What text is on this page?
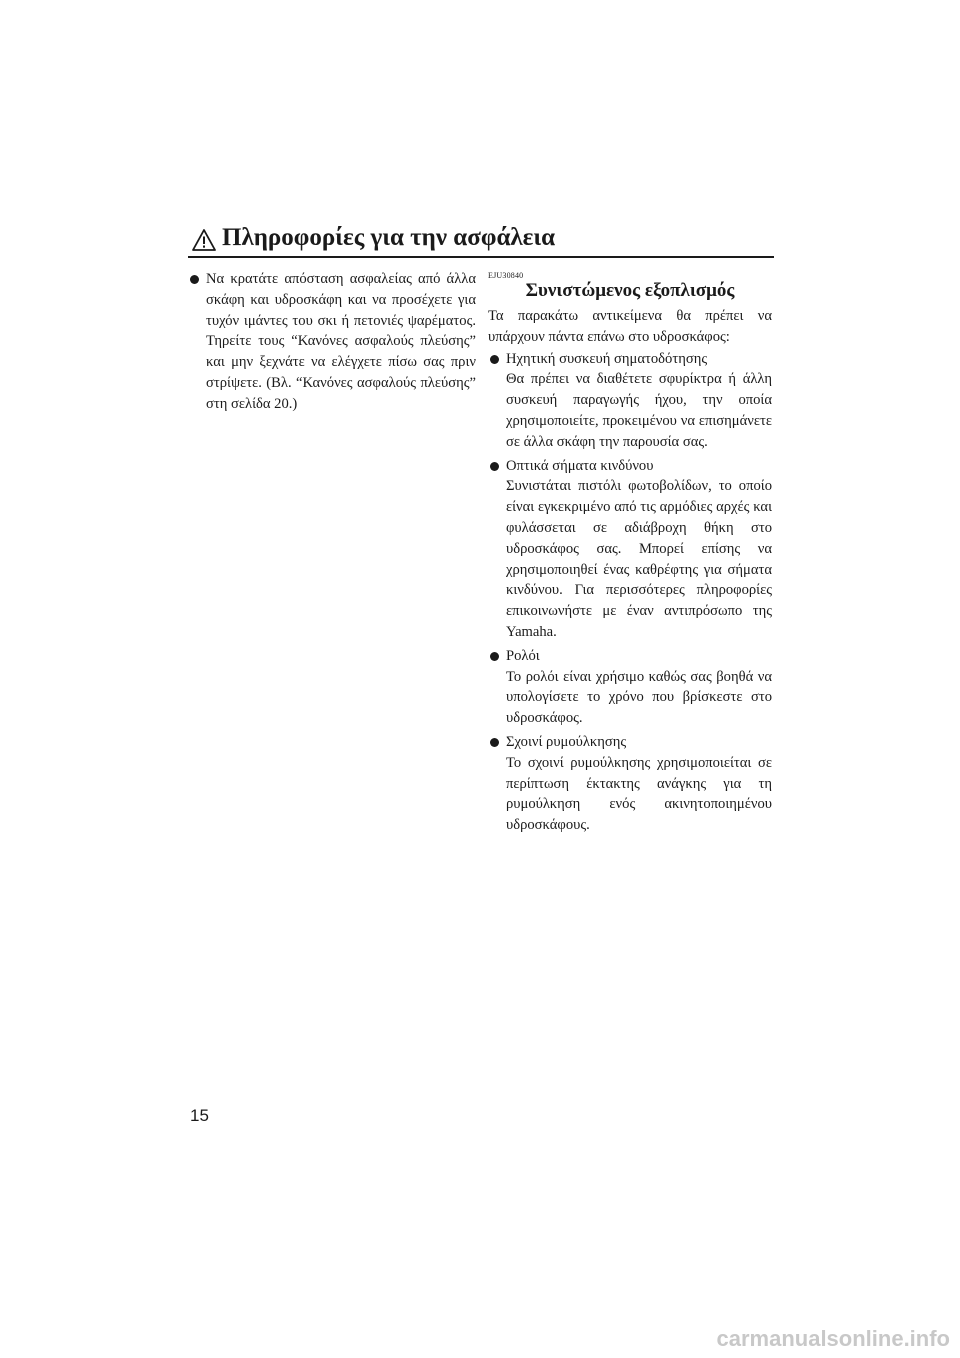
Πληροφορίες για την ασφάλεια
Να κρατάτε απόσταση ασφαλείας από άλλα σκάφη και υδροσκάφη και να προσέχετε για τυχόν ιμάντες του σκι ή πετονιές ψαρέματος. Τηρείτε τους “Κανόνες ασφαλούς πλεύσης” και μην ξεχνάτε να ελέγχετε πίσω σας πριν στρίψετε. (Βλ. “Κανόνες ασφαλούς πλεύσης” στη σελίδα 20.)
EJU30840
Συνιστώμενος εξοπλισμός
Τα παρακάτω αντικείμενα θα πρέπει να υπάρχουν πάντα επάνω στο υδροσκάφος:
Ηχητική συσκευή σηματοδότησης
Θα πρέπει να διαθέτετε σφυρίκτρα ή άλλη συσκευή παραγωγής ήχου, την οποία χρησιμοποιείτε, προκειμένου να επισημάνετε σε άλλα σκάφη την παρουσία σας.
Οπτικά σήματα κινδύνου
Συνιστάται πιστόλι φωτοβολίδων, το οποίο είναι εγκεκριμένο από τις αρμόδιες αρχές και φυλάσσεται σε αδιάβροχη θήκη στο υδροσκάφος σας. Μπορεί επίσης να χρησιμοποιηθεί ένας καθρέφτης για σήματα κινδύνου. Για περισσότερες πληροφορίες επικοινωνήστε με έναν αντιπρόσωπο της Yamaha.
Ρολόι
Το ρολόι είναι χρήσιμο καθώς σας βοηθά να υπολογίσετε το χρόνο που βρίσκεστε στο υδροσκάφος.
Σχοινί ρυμούλκησης
Το σχοινί ρυμούλκησης χρησιμοποιείται σε περίπτωση έκτακτης ανάγκης για τη ρυμούλκηση ενός ακινητοποιημένου υδροσκάφους.
15
carmanualsonline.info
